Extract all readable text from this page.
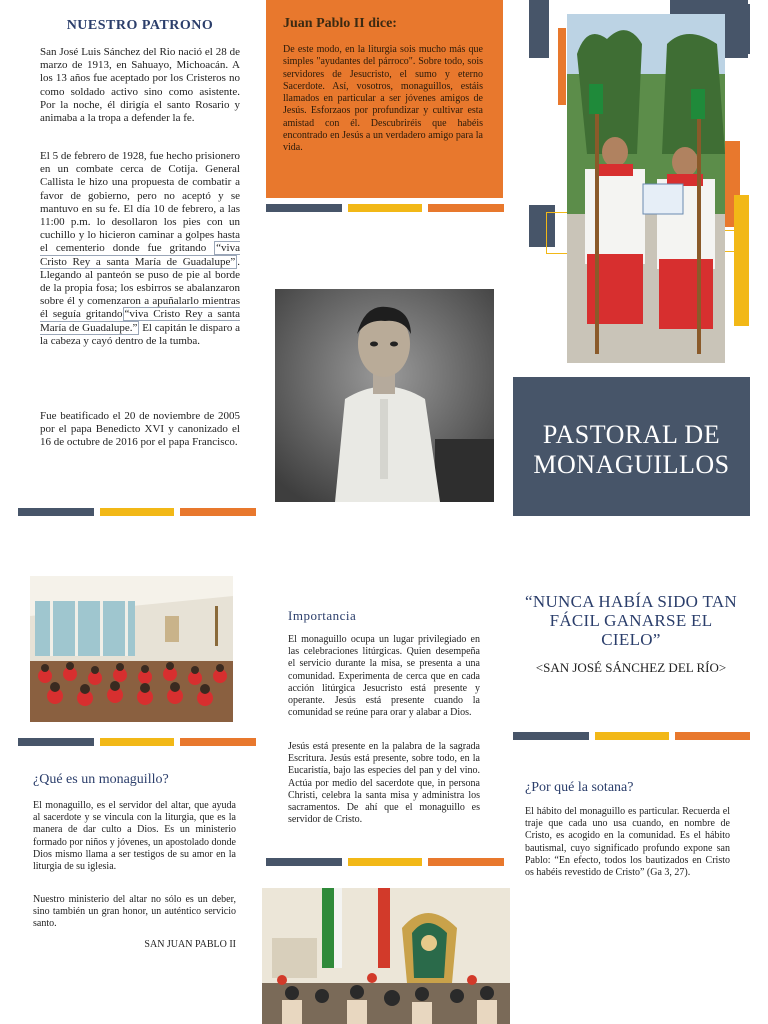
NUESTRO PATRONO
San José Luis Sánchez del Rio nació el 28 de marzo de 1913, en Sahuayo, Michoacán. A los 13 años fue aceptado por los Cristeros no como soldado activo sino como asistente. Por la noche, él dirigía el santo Rosario y animaba a la tropa a defender la fe.
El 5 de febrero de 1928, fue hecho prisionero en un combate cerca de Cotija. General Callista le hizo una propuesta de combatir a favor de gobierno, pero no aceptó y se mantuvo en su fe. El día 10 de febrero, a las 11:00 p.m. lo desollaron los pies con un cuchillo y lo hicieron caminar a golpes hasta el cementerio donde fue gritando “viva Cristo Rey a santa María de Guadalupe” . Llegando al panteón se puso de pie al borde de la propia fosa; los esbirros se abalanzaron sobre él y comenzaron a apuñalarlo mientras él seguía gritando “viva Cristo Rey a santa María de Guadalupe.” El capitán le disparo a la cabeza y cayó dentro de la tumba.
Fue beatificado el 20 de noviembre de 2005 por el papa Benedicto XVI y canonizado el 16 de octubre de 2016 por el papa Francisco.
Juan Pablo II dice:
De este modo, en la liturgia sois mucho más que simples "ayudantes del párroco". Sobre todo, sois servidores de Jesucristo, el sumo y eterno Sacerdote. Así, vosotros, monaguillos, estáis llamados en particular a ser jóvenes amigos de Jesús. Esforzaos por profundizar y cultivar esta amistad con él. Descubriréis que habéis encontrado en Jesús a un verdadero amigo para la vida.
PASTORAL DE
MONAGUILLOS
¿Qué es un monaguillo?
El monaguillo, es el servidor del altar, que ayuda al sacerdote y se vincula con la liturgia, que es la manera de dar culto a Dios. Es un ministerio formado por niños y jóvenes, un apostolado donde Dios mismo llama a ser testigos de su amor en la liturgia de su iglesia.
Nuestro ministerio del altar no sólo es un deber, sino también un gran honor, un auténtico servicio santo.
SAN JUAN PABLO II
Importancia
El monaguillo ocupa un lugar privilegiado en las celebraciones litúrgicas. Quien desempeña el servicio durante la misa, se presenta a una comunidad. Experimenta de cerca que en cada acción litúrgica Jesucristo está presente y operante. Jesús está presente cuando la comunidad se reúne para orar y alabar a Dios.
Jesús está presente en la palabra de la sagrada Escritura. Jesús está presente, sobre todo, en la Eucaristía, bajo las especies del pan y del vino. Actúa por medio del sacerdote que, in persona Christi, celebra la santa misa y administra los sacramentos. De ahí que el monaguillo es servidor de Cristo.
“NUNCA HABÍA SIDO TAN FÁCIL GANARSE EL CIELO”
<SAN JOSÉ SÁNCHEZ DEL RÍO>
¿Por qué la sotana?
El hábito del monaguillo es particular. Recuerda el traje que cada uno usa cuando, en nombre de Cristo, es acogido en la comunidad. Es el hábito bautismal, cuyo significado profundo expone san Pablo: “En efecto, todos los bautizados en Cristo os habéis revestido de Cristo” (Ga 3, 27).
